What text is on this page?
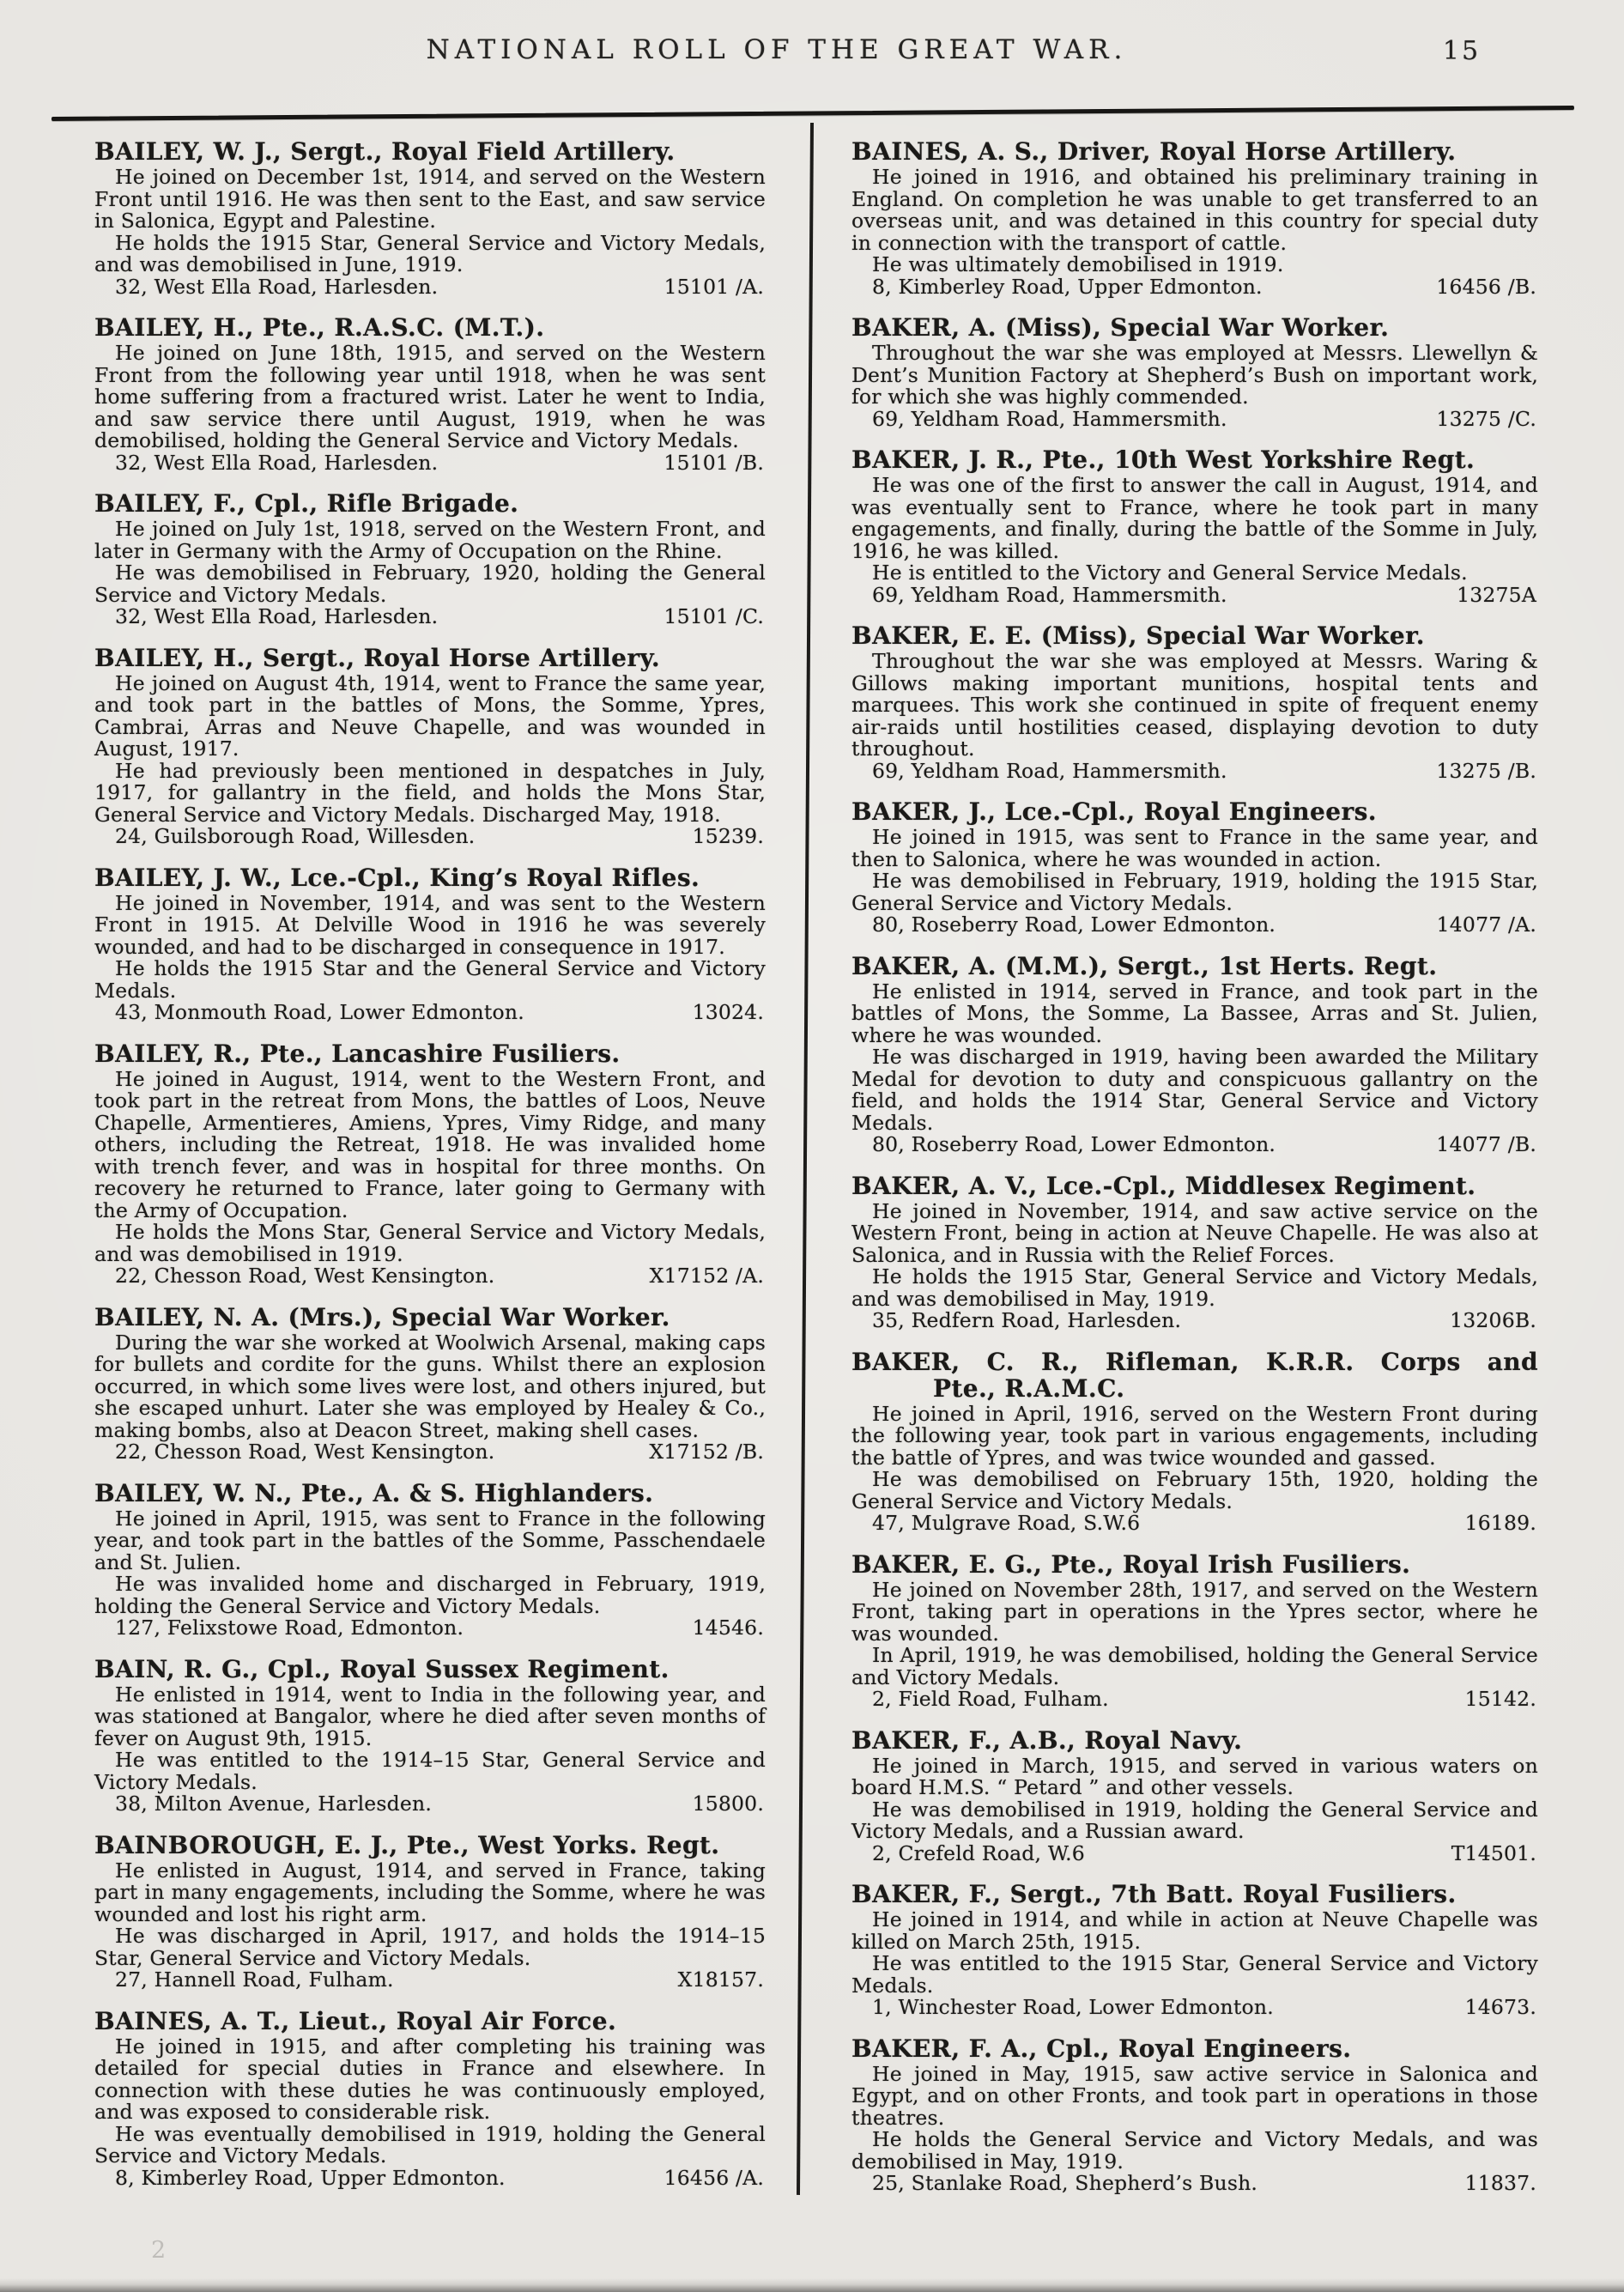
NATIONAL ROLL OF THE GREAT WAR.	15
BAILEY, W. J., Sergt., Royal Field Artillery.

He joined on December 1st, 1914, and served on the Western Front until 1916. He was then sent to the East, and saw service in Salonica, Egypt and Palestine.

He holds the 1915 Star, General Service and Victory Medals, and was demobilised in June, 1919.

32, West Ella Road, Harlesden.	15101 /A.
BAILEY, H., Pte., R.A.S.C. (M.T.).

He joined on June 18th, 1915, and served on the Western Front from the following year until 1918, when he was sent home suffering from a fractured wrist. Later he went to India, and saw service there until August, 1919, when he was demobilised, holding the General Service and Victory Medals.

32, West Ella Road, Harlesden.	15101 /B.
BAILEY, F., Cpl., Rifle Brigade.

He joined on July 1st, 1918, served on the Western Front, and later in Germany with the Army of Occupation on the Rhine.

He was demobilised in February, 1920, holding the General Service and Victory Medals.

32, West Ella Road, Harlesden.	15101 /C.
BAILEY, H., Sergt., Royal Horse Artillery.

He joined on August 4th, 1914, went to France the same year, and took part in the battles of Mons, the Somme, Ypres, Cambrai, Arras and Neuve Chapelle, and was wounded in August, 1917.

He had previously been mentioned in despatches in July, 1917, for gallantry in the field, and holds the Mons Star, General Service and Victory Medals. Discharged May, 1918.

24, Guilsborough Road, Willesden.	15239.
BAILEY, J. W., Lce.-Cpl., King’s Royal Rifles.

He joined in November, 1914, and was sent to the Western Front in 1915. At Delville Wood in 1916 he was severely wounded, and had to be discharged in consequence in 1917.

He holds the 1915 Star and the General Service and Victory Medals.

43, Monmouth Road, Lower Edmonton.	13024.
BAILEY, R., Pte., Lancashire Fusiliers.

He joined in August, 1914, went to the Western Front, and took part in the retreat from Mons, the battles of Loos, Neuve Chapelle, Armentieres, Amiens, Ypres, Vimy Ridge, and many others, including the Retreat, 1918. He was invalided home with trench fever, and was in hospital for three months. On recovery he returned to France, later going to Germany with the Army of Occupation.

He holds the Mons Star, General Service and Victory Medals, and was demobilised in 1919.

22, Chesson Road, West Kensington.	X17152 /A.
BAILEY, N. A. (Mrs.), Special War Worker.

During the war she worked at Woolwich Arsenal, making caps for bullets and cordite for the guns. Whilst there an explosion occurred, in which some lives were lost, and others injured, but she escaped unhurt. Later she was employed by Healey & Co., making bombs, also at Deacon Street, making shell cases.

22, Chesson Road, West Kensington.	X17152 /B.
BAILEY, W. N., Pte., A. & S. Highlanders.

He joined in April, 1915, was sent to France in the following year, and took part in the battles of the Somme, Passchendaele and St. Julien.

He was invalided home and discharged in February, 1919, holding the General Service and Victory Medals.

127, Felixstowe Road, Edmonton.	14546.
BAIN, R. G., Cpl., Royal Sussex Regiment.

He enlisted in 1914, went to India in the following year, and was stationed at Bangalor, where he died after seven months of fever on August 9th, 1915.

He was entitled to the 1914–15 Star, General Service and Victory Medals.

38, Milton Avenue, Harlesden.	15800.
BAINBOROUGH, E. J., Pte., West Yorks. Regt.

He enlisted in August, 1914, and served in France, taking part in many engagements, including the Somme, where he was wounded and lost his right arm.

He was discharged in April, 1917, and holds the 1914–15 Star, General Service and Victory Medals.

27, Hannell Road, Fulham.	X18157.
BAINES, A. T., Lieut., Royal Air Force.

He joined in 1915, and after completing his training was detailed for special duties in France and elsewhere. In connection with these duties he was continuously employed, and was exposed to considerable risk.

He was eventually demobilised in 1919, holding the General Service and Victory Medals.

8, Kimberley Road, Upper Edmonton.	16456 /A.
BAINES, A. S., Driver, Royal Horse Artillery.

He joined in 1916, and obtained his preliminary training in England. On completion he was unable to get transferred to an overseas unit, and was detained in this country for special duty in connection with the transport of cattle.

He was ultimately demobilised in 1919.

8, Kimberley Road, Upper Edmonton.	16456 /B.
BAKER, A. (Miss), Special War Worker.

Throughout the war she was employed at Messrs. Llewellyn & Dent’s Munition Factory at Shepherd’s Bush on important work, for which she was highly commended.

69, Yeldham Road, Hammersmith.	13275 /C.
BAKER, J. R., Pte., 10th West Yorkshire Regt.

He was one of the first to answer the call in August, 1914, and was eventually sent to France, where he took part in many engagements, and finally, during the battle of the Somme in July, 1916, he was killed.

He is entitled to the Victory and General Service Medals.

69, Yeldham Road, Hammersmith.	13275A
BAKER, E. E. (Miss), Special War Worker.

Throughout the war she was employed at Messrs. Waring & Gillows making important munitions, hospital tents and marquees. This work she continued in spite of frequent enemy air-raids until hostilities ceased, displaying devotion to duty throughout.

69, Yeldham Road, Hammersmith.	13275 /B.
BAKER, J., Lce.-Cpl., Royal Engineers.

He joined in 1915, was sent to France in the same year, and then to Salonica, where he was wounded in action.

He was demobilised in February, 1919, holding the 1915 Star, General Service and Victory Medals.

80, Roseberry Road, Lower Edmonton.	14077 /A.
BAKER, A. (M.M.), Sergt., 1st Herts. Regt.

He enlisted in 1914, served in France, and took part in the battles of Mons, the Somme, La Bassee, Arras and St. Julien, where he was wounded.

He was discharged in 1919, having been awarded the Military Medal for devotion to duty and conspicuous gallantry on the field, and holds the 1914 Star, General Service and Victory Medals.

80, Roseberry Road, Lower Edmonton.	14077 /B.
BAKER, A. V., Lce.-Cpl., Middlesex Regiment.

He joined in November, 1914, and saw active service on the Western Front, being in action at Neuve Chapelle. He was also at Salonica, and in Russia with the Relief Forces.

He holds the 1915 Star, General Service and Victory Medals, and was demobilised in May, 1919.

35, Redfern Road, Harlesden.	13206B.
BAKER, C. R., Rifleman, K.R.R. Corps and
Pte., R.A.M.C.

He joined in April, 1916, served on the Western Front during the following year, took part in various engagements, including the battle of Ypres, and was twice wounded and gassed.

He was demobilised on February 15th, 1920, holding the General Service and Victory Medals.

47, Mulgrave Road, S.W.6	16189.
BAKER, E. G., Pte., Royal Irish Fusiliers.

He joined on November 28th, 1917, and served on the Western Front, taking part in operations in the Ypres sector, where he was wounded.

In April, 1919, he was demobilised, holding the General Service and Victory Medals.

2, Field Road, Fulham.	15142.
BAKER, F., A.B., Royal Navy.

He joined in March, 1915, and served in various waters on board H.M.S. “ Petard ” and other vessels.

He was demobilised in 1919, holding the General Service and Victory Medals, and a Russian award.

2, Crefeld Road, W.6	T14501.
BAKER, F., Sergt., 7th Batt. Royal Fusiliers.

He joined in 1914, and while in action at Neuve Chapelle was killed on March 25th, 1915.

He was entitled to the 1915 Star, General Service and Victory Medals.

1, Winchester Road, Lower Edmonton.	14673.
BAKER, F. A., Cpl., Royal Engineers.

He joined in May, 1915, saw active service in Salonica and Egypt, and on other Fronts, and took part in operations in those theatres.

He holds the General Service and Victory Medals, and was demobilised in May, 1919.

25, Stanlake Road, Shepherd’s Bush.	11837.
2
